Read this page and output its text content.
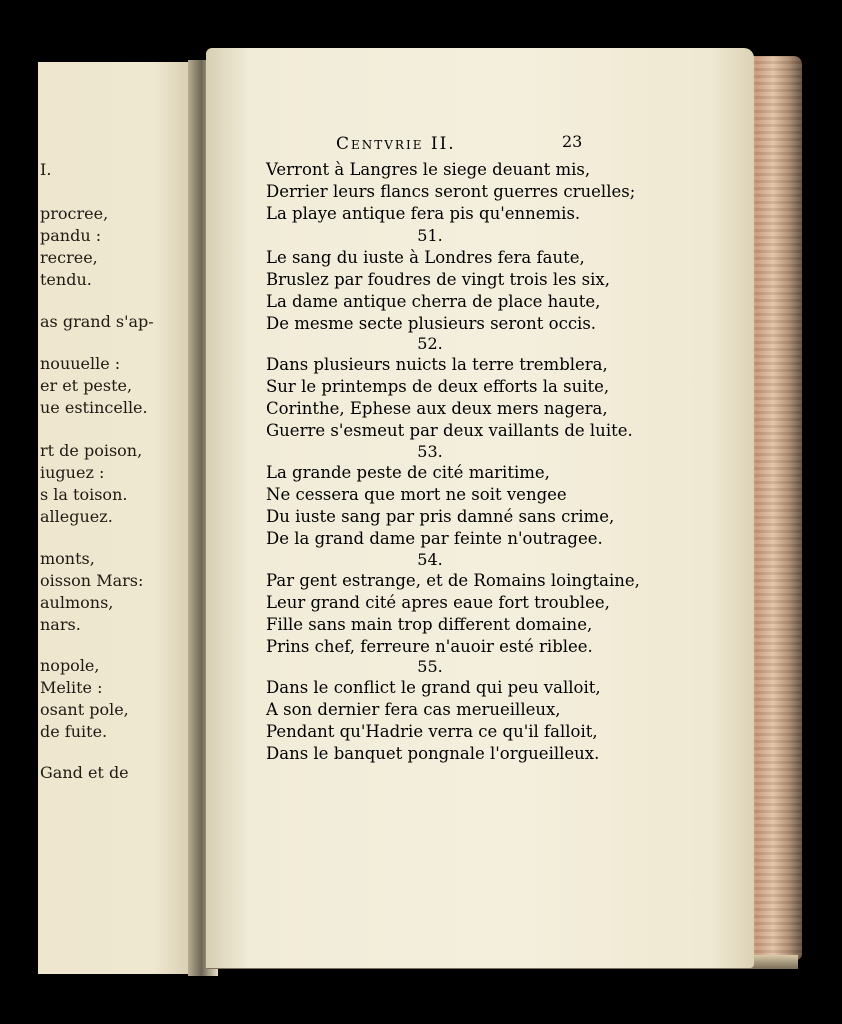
I.
procree,
pandu :
recree,
tendu.
as grand s'ap-
nouuelle :
er et peste,
ue estincelle.
rt de poison,
iuguez :
s la toison.
alleguez.
monts,
oisson Mars:
aulmons,
nars.
nopole,
Melite :
osant pole,
de fuite.
Gand et de
Centvrie II.	23
Verront à Langres le siege deuant mis,
Derrier leurs flancs seront guerres cruelles;
La playe antique fera pis qu'ennemis.
51.
Le sang du iuste à Londres fera faute,
Bruslez par foudres de vingt trois les six,
La dame antique cherra de place haute,
De mesme secte plusieurs seront occis.
52.
Dans plusieurs nuicts la terre tremblera,
Sur le printemps de deux efforts la suite,
Corinthe, Ephese aux deux mers nagera,
Guerre s'esmeut par deux vaillants de luite.
53.
La grande peste de cité maritime,
Ne cessera que mort ne soit vengee
Du iuste sang par pris damné sans crime,
De la grand dame par feinte n'outragee.
54.
Par gent estrange, et de Romains loingtaine,
Leur grand cité apres eaue fort troublee,
Fille sans main trop different domaine,
Prins chef, ferreure n'auoir esté riblee.
55.
Dans le conflict le grand qui peu valloit,
A son dernier fera cas merueilleux,
Pendant qu'Hadrie verra ce qu'il falloit,
Dans le banquet pongnale l'orgueilleux.
